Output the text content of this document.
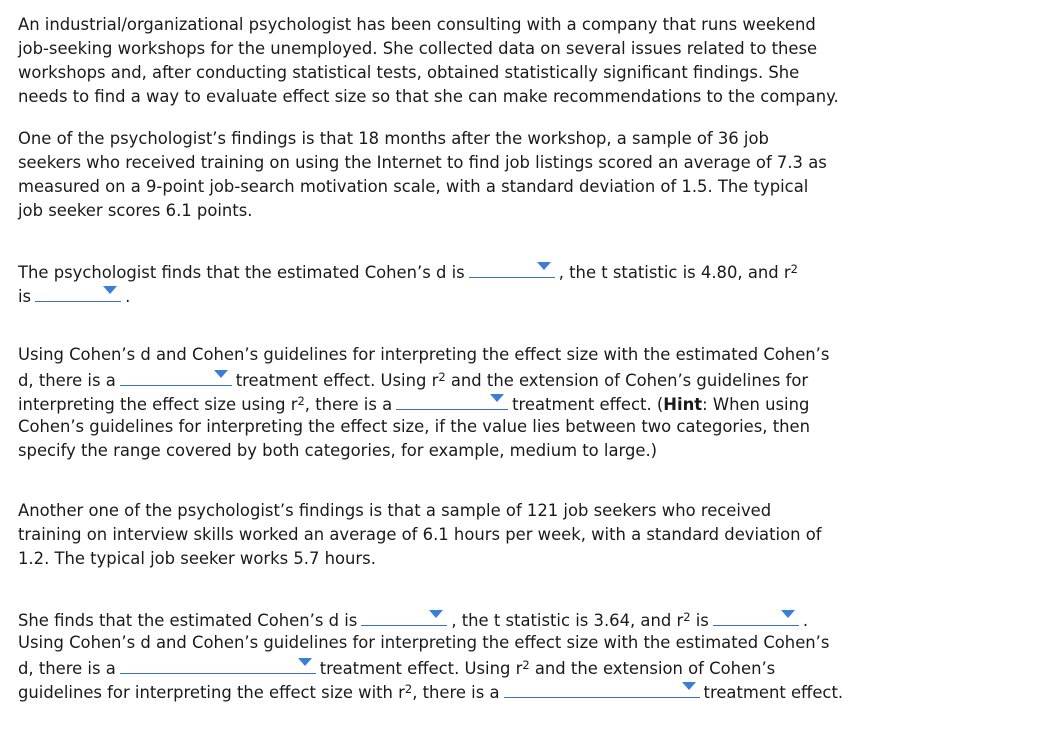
An industrial/organizational psychologist has been consulting with a company that runs weekend
job-seeking workshops for the unemployed. She collected data on several issues related to these
workshops and, after conducting statistical tests, obtained statistically significant findings. She
needs to find a way to evaluate effect size so that she can make recommendations to the company.
One of the psychologist’s findings is that 18 months after the workshop, a sample of 36 job
seekers who received training on using the Internet to find job listings scored an average of 7.3 as
measured on a 9-point job-search motivation scale, with a standard deviation of 1.5. The typical
job seeker scores 6.1 points.
The psychologist finds that the estimated Cohen’s d is	, the t statistic is 4.80, and $r^2$
is	.
Using Cohen’s d and Cohen’s guidelines for interpreting the effect size with the estimated Cohen’s
d, there is a	treatment effect. Using $r^2$ and the extension of Cohen’s guidelines for
interpreting the effect size using $r^2$, there is a	treatment effect. (Hint: When using
Cohen’s guidelines for interpreting the effect size, if the value lies between two categories, then
specify the range covered by both categories, for example, medium to large.)
Another one of the psychologist’s findings is that a sample of 121 job seekers who received
training on interview skills worked an average of 6.1 hours per week, with a standard deviation of
1.2. The typical job seeker works 5.7 hours.
She finds that the estimated Cohen’s d is	, the t statistic is 3.64, and $r^2$ is	.
Using Cohen’s d and Cohen’s guidelines for interpreting the effect size with the estimated Cohen’s
d, there is a	treatment effect. Using $r^2$ and the extension of Cohen’s
guidelines for interpreting the effect size with $r^2$, there is a	treatment effect.
